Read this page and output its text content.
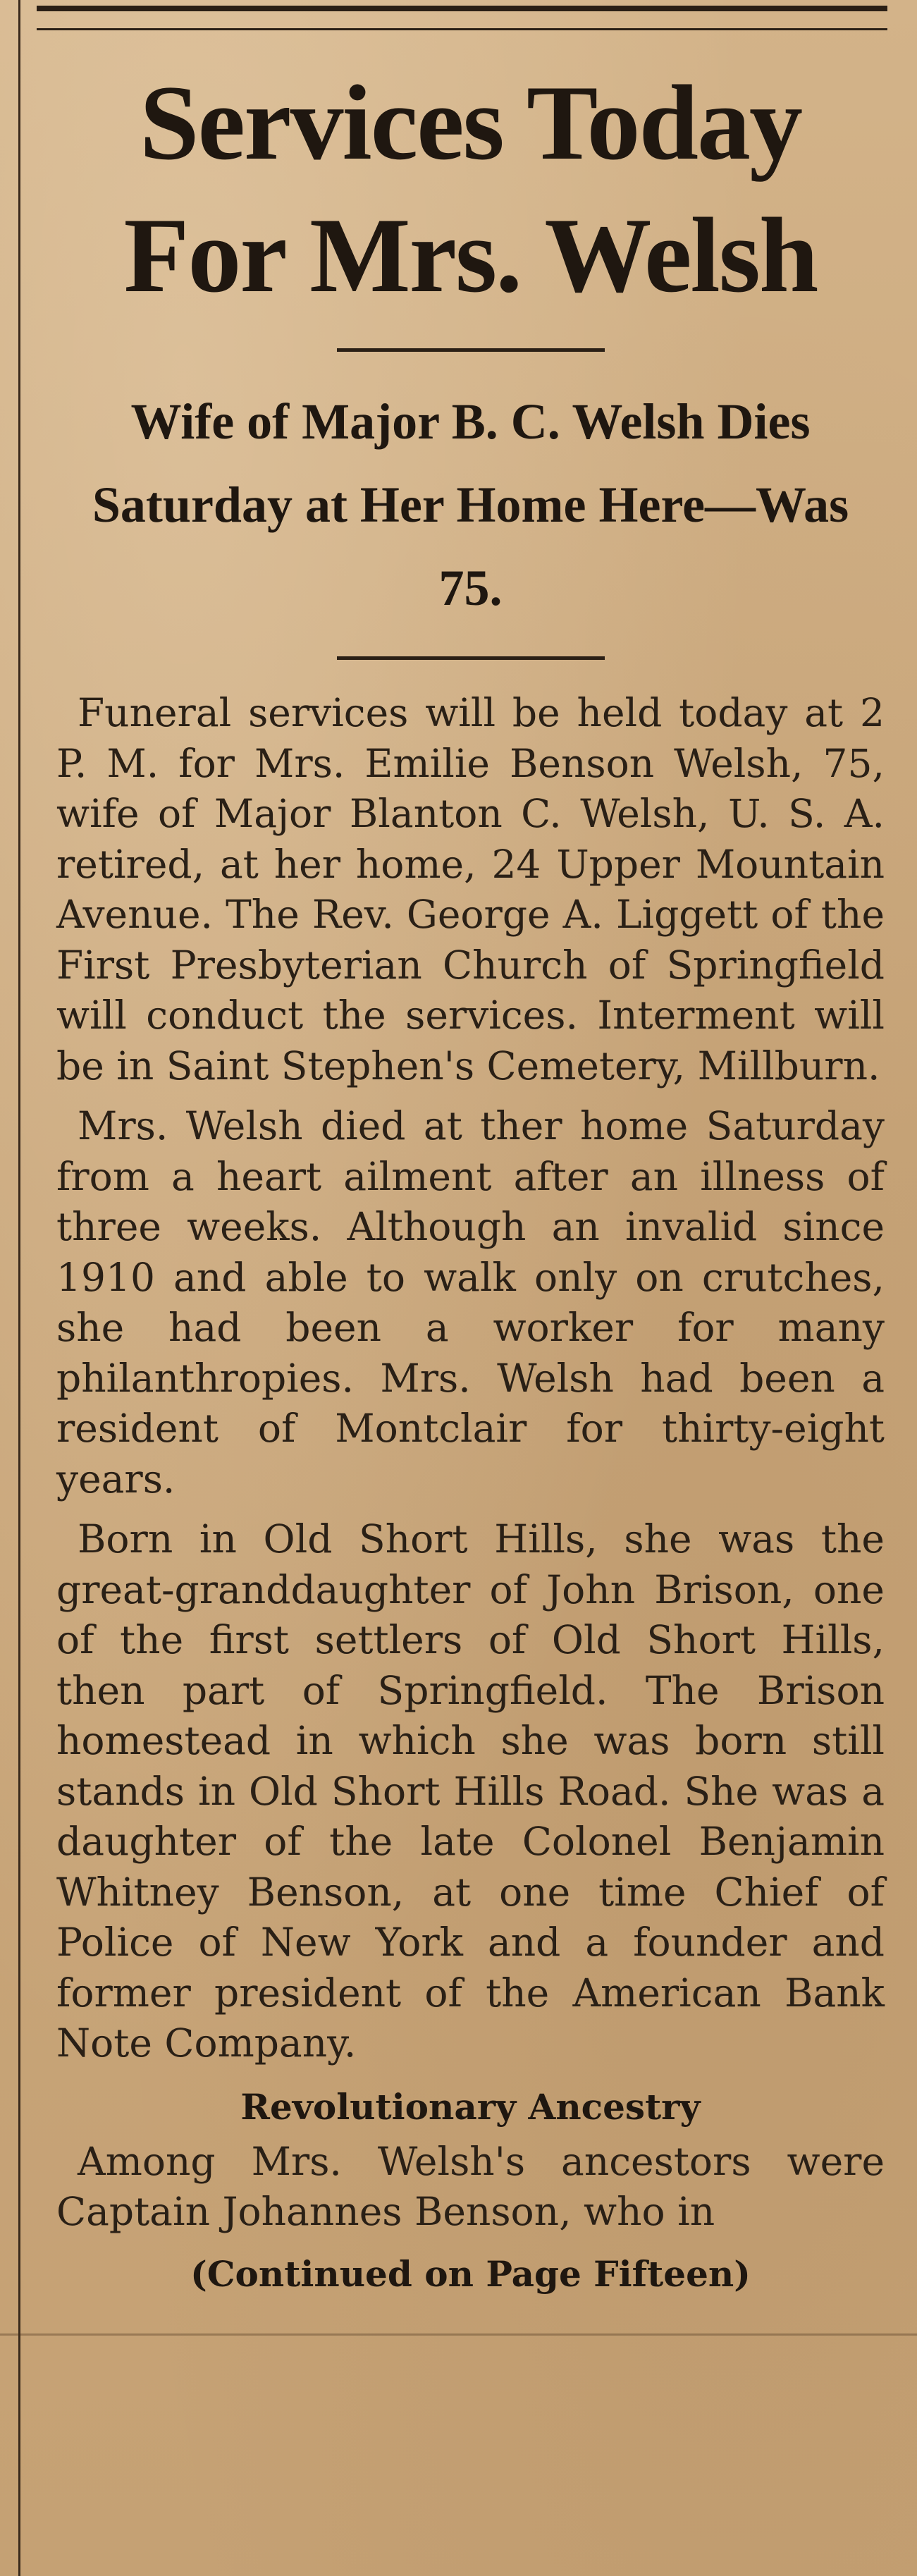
Services Today For Mrs. Welsh
Wife of Major B. C. Welsh Dies Saturday at Her Home Here—Was 75.

Funeral services will be held today at 2 P. M. for Mrs. Emilie Benson Welsh, 75, wife of Major Blanton C. Welsh, U. S. A. retired, at her home, 24 Upper Mountain Avenue. The Rev. George A. Liggett of the First Presbyterian Church of Springfield will conduct the services. Interment will be in Saint Stephen's Cemetery, Millburn.

Mrs. Welsh died at ther home Saturday from a heart ailment after an illness of three weeks. Although an invalid since 1910 and able to walk only on crutches, she had been a worker for many philanthropies. Mrs. Welsh had been a resident of Montclair for thirty-eight years.

Born in Old Short Hills, she was the great-granddaughter of John Brison, one of the first settlers of Old Short Hills, then part of Springfield. The Brison homestead in which she was born still stands in Old Short Hills Road. She was a daughter of the late Colonel Benjamin Whitney Benson, at one time Chief of Police of New York and a founder and former president of the American Bank Note Company.

Revolutionary Ancestry

Among Mrs. Welsh's ancestors were Captain Johannes Benson, who in

(Continued on Page Fifteen)
